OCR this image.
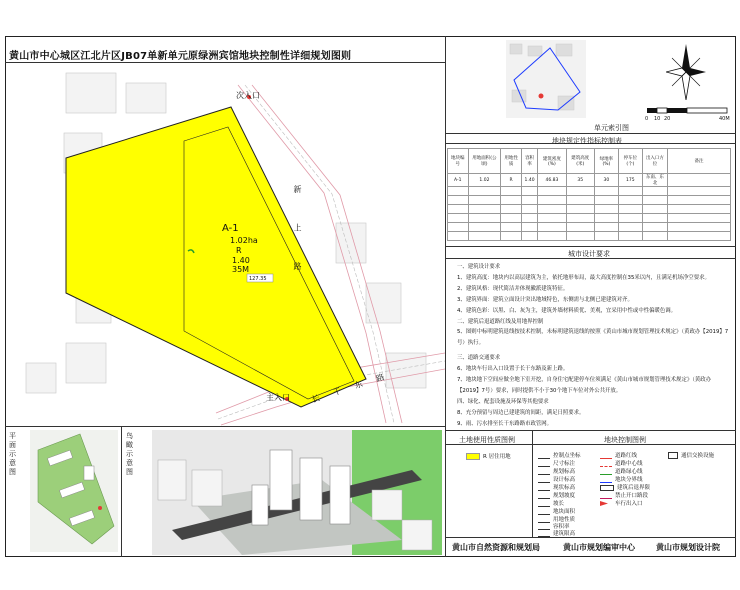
黄山市中心城区江北片区JB07单新单元原绿洲宾馆地块控制性详细规划图则
A-1
1.02ha
R
1.40
35M
127.35	新 上 路
长 干 东 路
次入口
主入口
单元索引图
0 10 20	40M
地块规定性指标控制表
地块编号	用地面积(公顷)	用地性质	容积率	建筑密度(%)	建筑高度(米)	绿地率(%)	停车位(个)	出入口方位	备注
A-1	1.02	R	1.40	46.83	35	30	175	东南、东北	

城市设计要求
一、建筑设计要求
1、建筑高度：地块内以高层建筑为主，依托地形布局，最大高度控制在35米以内，且满足机场净空要求。
2、建筑风格：现代简洁并体现徽派建筑特征。
3、建筑界面：建筑立面设计突出地域特色，东侧需与北侧已建建筑对齐。
4、建筑色彩：以黑、白、灰为主，建筑外墙材料质优、美观，宜采用中性或中性偏暖色调。
二、建筑后退道路红线及用地界控制
5、图则中标明建筑退线按技术控制，未标明建筑退线的按照《黄山市城市规划管理技术规定》（黄政办【2019】7号）执行。
三、道路交通要求
6、地块车行出入口设置于长干东路及新上路。
7、地块地下空间应做全地下室开挖，自身住宅配建停车位须满足《黄山市城市规划管理技术规定》（黄政办【2019】7号）要求，同时提供不小于30个地下车位对外公共开放。
四、绿化、配套设施及环保等其他要求
8、充分预留与周边已建建筑的间距，满足日照要求。
9、雨、污水排至长干东路路市政管网。
平 面 示 意 图
鸟 瞰 示 意 图
土地使用性质图例
R 居住用地
地块控制图例
控制点坐标
尺寸标注
规划标高
设计标高
现状标高
规划坡度
坡长
地块面积
用地性质
容积率
建筑限高
道路红线
道路中心线
道路绿心线
地块分界线
建筑后退界限
禁止开口路段
车行出入口
通信交换设施
黄山市自然资源和规划局	黄山市规划编审中心	黄山市规划设计院
